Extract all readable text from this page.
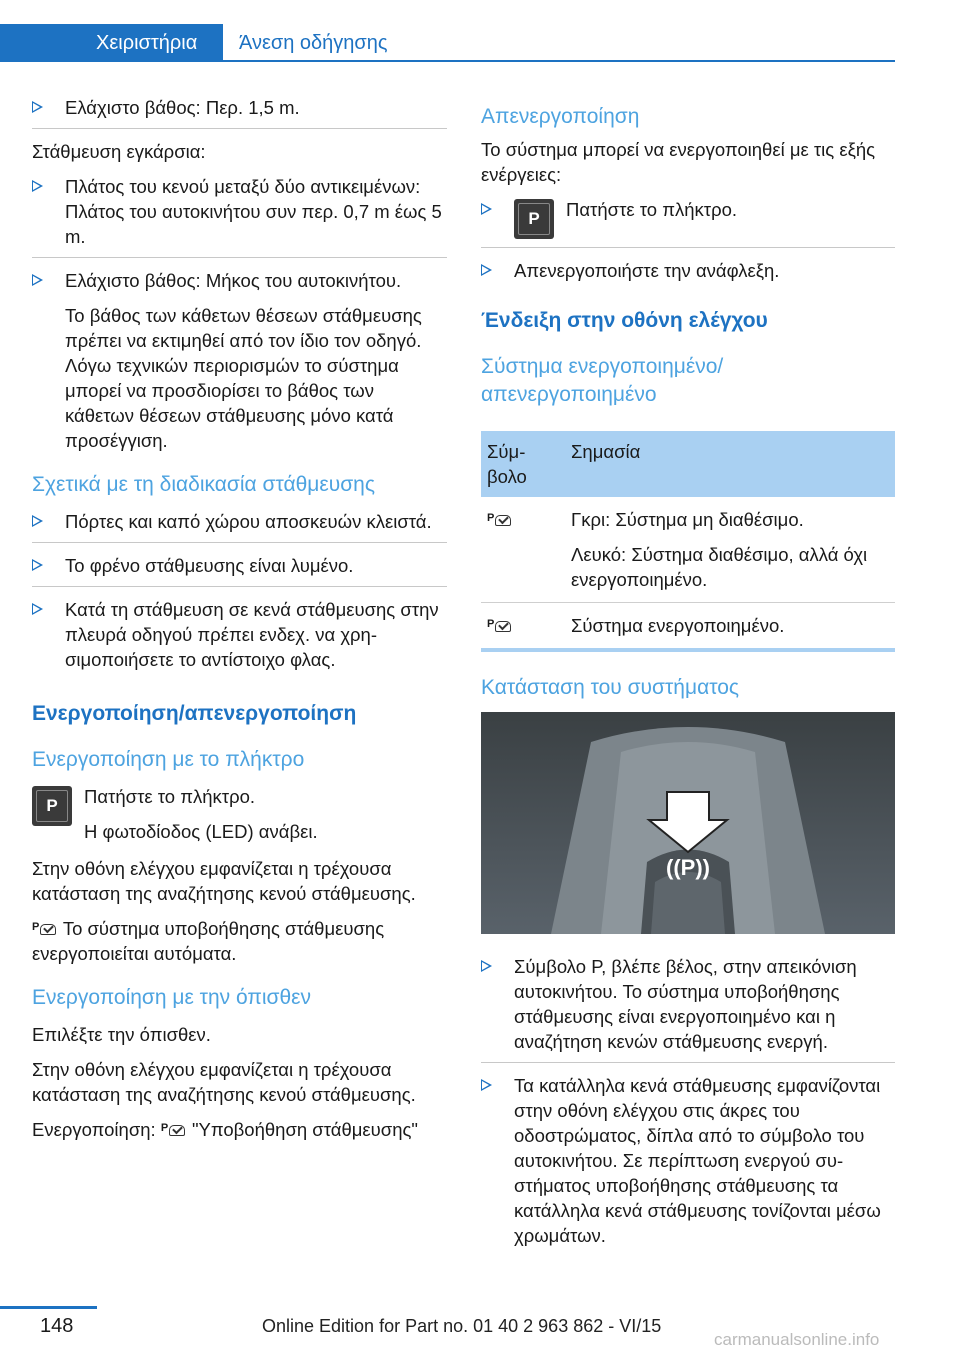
Χειριστήρια	Άνεση οδήγησης
Ελάχιστο βάθος: Περ. 1,5 m.

Στάθμευση εγκάρσια:

Πλάτος του κενού μεταξύ δύο αντικειμένων: Πλάτος του αυτοκινήτου συν περ. 0,7 m έως 5 m.
Ελάχιστο βάθος: Μήκος του αυτοκινήτου.

Το βάθος των κάθετων θέσεων στάθμευσης πρέπει να εκτιμηθεί από τον ίδιο τον οδηγό. Λόγω τεχνικών περιορισμών το σύστημα μπορεί να προσδιορίσει το βάθος των κάθετων θέσεων στάθμευσης μόνο κατά προσέγγιση.

Σχετικά με τη διαδικασία στάθμευσης
Πόρτες και καπό χώρου αποσκευών κλειστά.
Το φρένο στάθμευσης είναι λυμένο.
Κατά τη στάθμευση σε κενά στάθμευσης στην πλευρά οδηγού πρέπει ενδεχ. να χρησιμοποιήσετε το αντίστοιχο φλας.
Ενεργοποίηση/απενεργοποίηση
Ενεργοποίηση με το πλήκτρο
P	Πατήστε το πλήκτρο.

Η φωτοδίοδος (LED) ανάβει.

Στην οθόνη ελέγχου εμφανίζεται η τρέχουσα κατάσταση της αναζήτησης κενού στάθμευσης.

P Το σύστημα υποβοήθησης στάθμευσης ενεργοποιείται αυτόματα.

Ενεργοποίηση με την όπισθεν

Επιλέξτε την όπισθεν.

Στην οθόνη ελέγχου εμφανίζεται η τρέχουσα κατάσταση της αναζήτησης κενού στάθμευσης.

Ενεργοποίηση: P "Υποβοήθηση στάθμευσης"

Απενεργοποίηση

Το σύστημα μπορεί να ενεργοποιηθεί με τις εξής ενέργειες:

P	Πατήστε το πλήκτρο.
Απενεργοποιήστε την ανάφλεξη.
Ένδειξη στην οθόνη ελέγχου
Σύστημα ενεργοποιημένο/ απενεργοποιημένο
Σύμβολο	Σημασία

P	Γκρι: Σύστημα μη διαθέσιμο.

Λευκό: Σύστημα διαθέσιμο, αλλά όχι ενεργοποιημένο.

P	Σύστημα ενεργοποιημένο.
Κατάσταση του συστήματος
((P))
Σύμβολο P, βλέπε βέλος, στην απεικόνιση αυτοκινήτου. Το σύστημα υποβοήθησης στάθμευσης είναι ενεργοποιημένο και η αναζήτηση κενών στάθμευσης ενεργή.
Τα κατάλληλα κενά στάθμευσης εμφανίζονται στην οθόνη ελέγχου στις άκρες του οδοστρώματος, δίπλα από το σύμβολο του αυτοκινήτου. Σε περίπτωση ενεργού συστήματος υποβοήθησης στάθμευσης τα κατάλληλα κενά στάθμευσης τονίζονται μέσω χρωμάτων.
148	Online Edition for Part no. 01 40 2 963 862 - VI/15
carmanualsonline.info
